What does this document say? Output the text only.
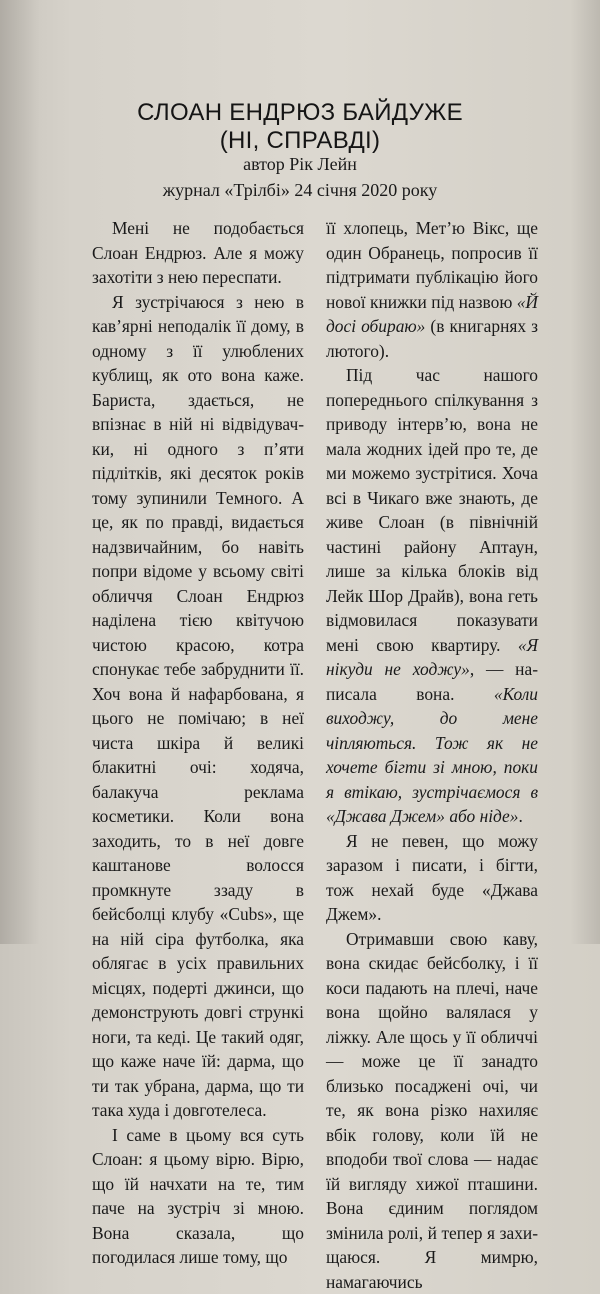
СЛОАН ЕНДРЮЗ БАЙДУЖЕ
(НІ, СПРАВДІ)
автор Рік Лейн
журнал «Трілбі» 24 січня 2020 року

Мені не подобається Слоан Ендрюз. Але я можу захотіти з нею переспати.

Я зустрічаюся з нею в кав’ярні неподалік її дому, в одному з її улюблених кублищ, як ото вона каже. Бариста, здається, не впізнає в ній ні відвідувачки, ні одного з п’яти підлітків, які десяток років тому зупинили Темного. А це, як по правді, видається надзвичайним, бо навіть попри відоме у всьому світі обличчя Слоан Ендрюз наділена тією квітучою чистою красою, котра спонукає тебе забруднити її. Хоч вона й нафарбована, я цього не помічаю; в неї чиста шкіра й великі блакитні очі: ходяча, балакуча реклама косметики. Коли вона заходить, то в неї довге каштанове волосся промкнуте ззаду в бейсболці клубу «Cubs», ще на ній сіра футболка, яка облягає в усіх правильних місцях, подерті джинси, що демонструють довгі стрункі ноги, та кеді. Це такий одяг, що каже наче їй: дарма, що ти так убрана, дарма, що ти така худа і довготелеса.

І саме в цьому вся суть Слоан: я цьому вірю. Вірю, що їй начхати на те, тим паче на зустріч зі мною. Вона сказала, що погодилася лише тому, що

її хлопець, Мет’ю Вікс, ще один Обранець, попросив її підтримати публікацію його нової книжки під назвою «Й досі обираю» (в книгарнях з лютого).

Під час нашого попереднього спілкування з приводу інтерв’ю, вона не мала жодних ідей про те, де ми можемо зустрітися. Хоча всі в Чикаго вже знають, де живе Слоан (в північній частині району Аптаун, лише за кілька блоків від Лейк Шор Драйв), вона геть відмовилася показувати мені свою квартиру. «Я нікуди не ходжу», — написала вона. «Коли виходжу, до мене чіпляються. Тож як не хочете бігти зі мною, поки я втікаю, зустрічаємося в «Джава Джем» або ніде».

Я не певен, що можу заразом і писати, і бігти, тож нехай буде «Джава Джем».

Отримавши свою каву, вона скидає бейсболку, і її коси падають на плечі, наче вона щойно валялася у ліжку. Але щось у її обличчі — може це її занадто близько посаджені очі, чи те, як вона різко нахиляє вбік голову, коли їй не вподоби твої слова — надає їй вигляду хижої пташини. Вона єдиним поглядом змінила ролі, й тепер я захищаюся. Я мимрю, намагаючись
